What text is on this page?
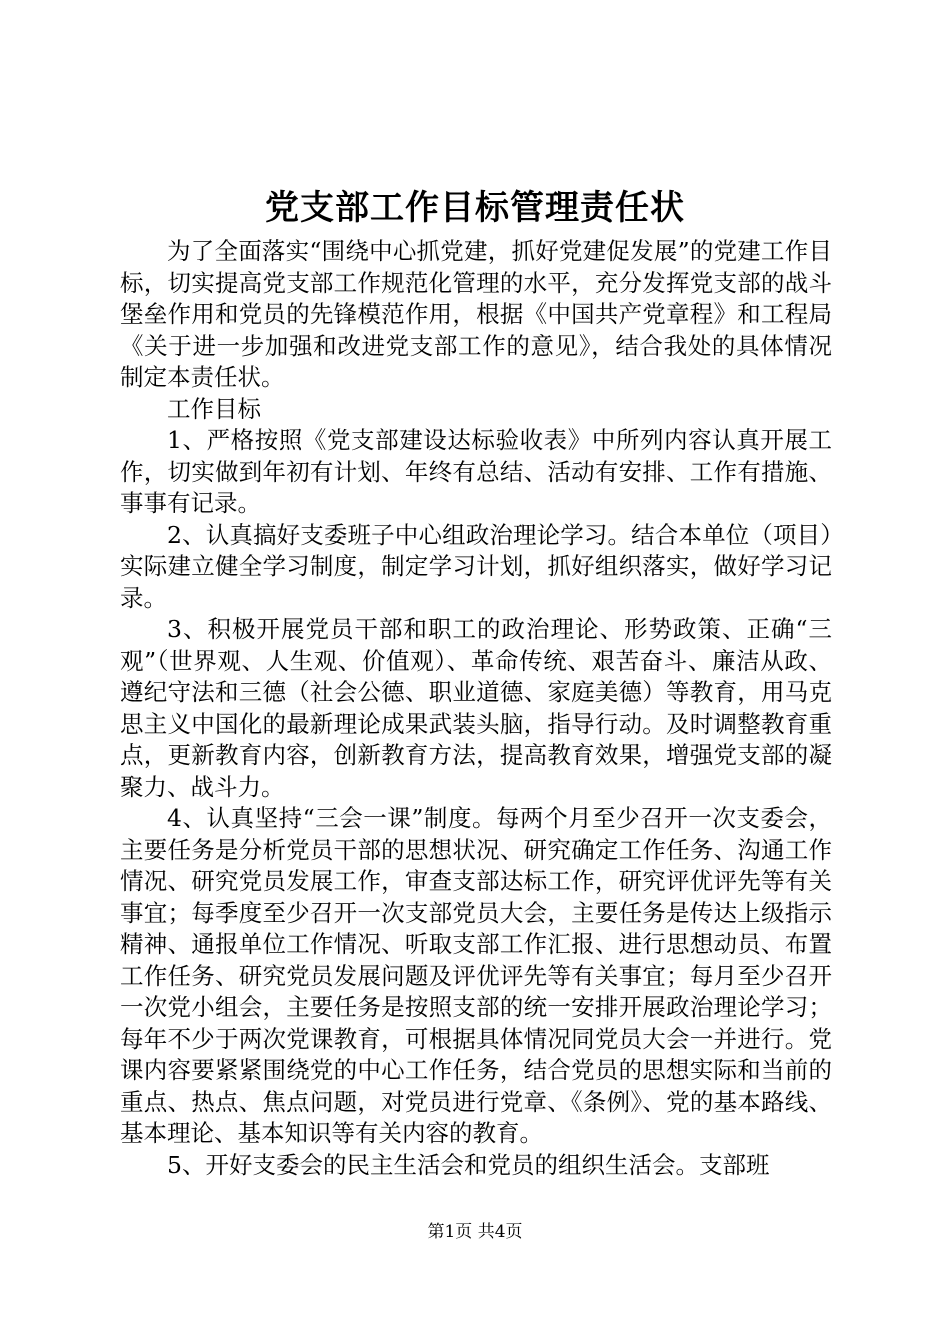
党支部工作目标管理责任状

为了全面落实“围绕中心抓党建，抓好党建促发展”的党建工作目标，切实提高党支部工作规范化管理的水平，充分发挥党支部的战斗堡垒作用和党员的先锋模范作用，根据《中国共产党章程》和工程局《关于进一步加强和改进党支部工作的意见》，结合我处的具体情况制定本责任状。

工作目标

1、严格按照《党支部建设达标验收表》中所列内容认真开展工作，切实做到年初有计划、年终有总结、活动有安排、工作有措施、事事有记录。

2、认真搞好支委班子中心组政治理论学习。结合本单位（项目）实际建立健全学习制度，制定学习计划，抓好组织落实，做好学习记录。

3、积极开展党员干部和职工的政治理论、形势政策、正确“三观”（世界观、人生观、价值观）、革命传统、艰苦奋斗、廉洁从政、遵纪守法和三德（社会公德、职业道德、家庭美德）等教育，用马克思主义中国化的最新理论成果武装头脑，指导行动。及时调整教育重点，更新教育内容，创新教育方法，提高教育效果，增强党支部的凝聚力、战斗力。

4、认真坚持“三会一课”制度。每两个月至少召开一次支委会，主要任务是分析党员干部的思想状况、研究确定工作任务、沟通工作情况、研究党员发展工作，审查支部达标工作，研究评优评先等有关事宜；每季度至少召开一次支部党员大会，主要任务是传达上级指示精神、通报单位工作情况、听取支部工作汇报、进行思想动员、布置工作任务、研究党员发展问题及评优评先等有关事宜；每月至少召开一次党小组会，主要任务是按照支部的统一安排开展政治理论学习；每年不少于两次党课教育，可根据具体情况同党员大会一并进行。党课内容要紧紧围绕党的中心工作任务，结合党员的思想实际和当前的重点、热点、焦点问题，对党员进行党章、《条例》、党的基本路线、基本理论、基本知识等有关内容的教育。

5、开好支委会的民主生活会和党员的组织生活会。支部班

第1页 共4页
